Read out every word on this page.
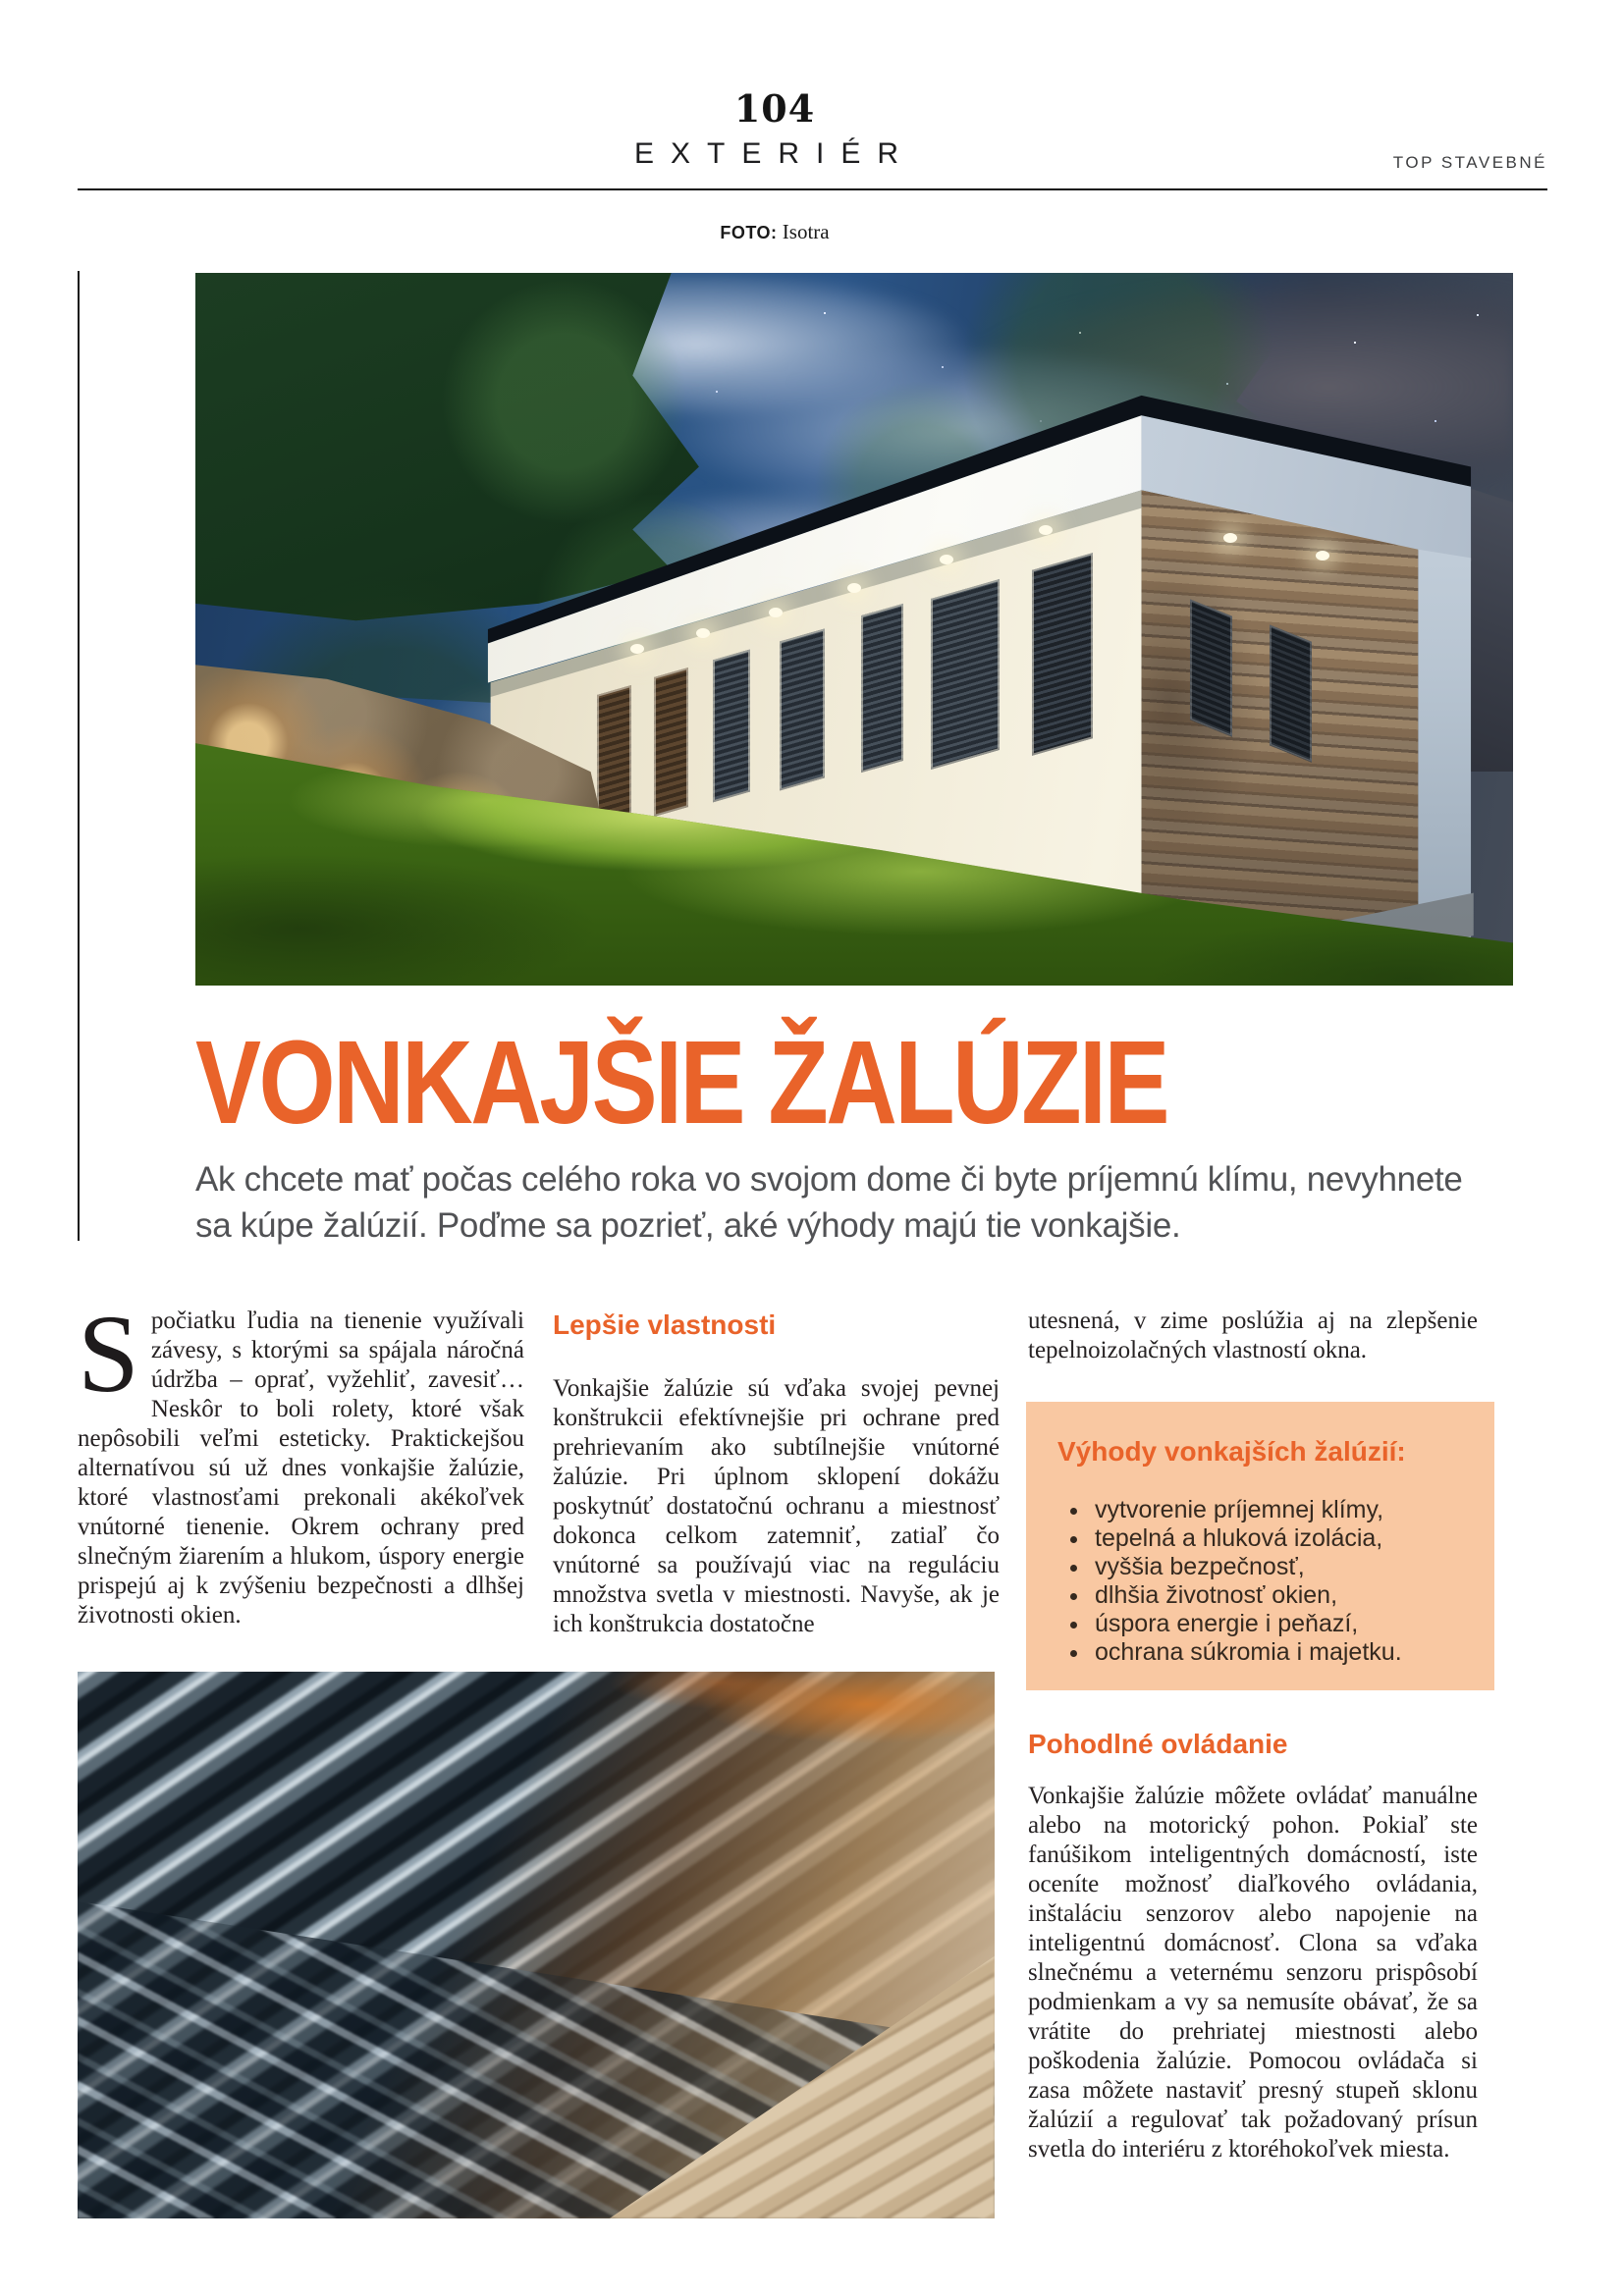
104
EXTERIÉR	TOP STAVEBNÉ
FOTO: Isotra
VONKAJŠIE ŽALÚZIE
Ak chcete mať počas celého roka vo svojom dome či byte príjemnú klímu, nevyhnete sa kúpe žalúzií. Poďme sa pozrieť, aké výhody majú tie vonkajšie.
Spočiatku ľudia na tienenie využívali závesy, s ktorými sa spájala náročná údržba – oprať, vyžehliť, zavesiť… Neskôr to boli rolety, ktoré však nepôsobili veľmi esteticky. Praktickejšou alternatívou sú už dnes vonkajšie žalúzie, ktoré vlastnosťami prekonali akékoľvek vnútorné tienenie. Okrem ochrany pred slnečným žiarením a hlukom, úspory energie prispejú aj k zvýšeniu bezpečnosti a dlhšej životnosti okien.
Lepšie vlastnosti
Vonkajšie žalúzie sú vďaka svojej pevnej konštrukcii efektívnejšie pri ochrane pred prehrievaním ako subtílnejšie vnútorné žalúzie. Pri úplnom sklopení dokážu poskytnúť dostatočnú ochranu a miestnosť dokonca celkom zatemniť, zatiaľ čo vnútorné sa používajú viac na reguláciu množstva svetla v miestnosti. Navyše, ak je ich konštrukcia dostatočne
utesnená, v zime poslúžia aj na zlepšenie tepelnoizolačných vlastností okna.
Výhody vonkajších žalúzií:
• vytvorenie príjemnej klímy,
• tepelná a hluková izolácia,
• vyššia bezpečnosť,
• dlhšia životnosť okien,
• úspora energie i peňazí,
• ochrana súkromia i majetku.
Pohodlné ovládanie
Vonkajšie žalúzie môžete ovládať manuálne alebo na motorický pohon. Pokiaľ ste fanúšikom inteligentných domácností, iste oceníte možnosť diaľkového ovládania, inštaláciu senzorov alebo napojenie na inteligentnú domácnosť. Clona sa vďaka slnečnému a veternému senzoru prispôsobí podmienkam a vy sa nemusíte obávať, že sa vrátite do prehriatej miestnosti alebo poškodenia žalúzie. Pomocou ovládača si zasa môžete nastaviť presný stupeň sklonu žalúzií a regulovať tak požadovaný prísun svetla do interiéru z ktoréhokoľvek miesta.
